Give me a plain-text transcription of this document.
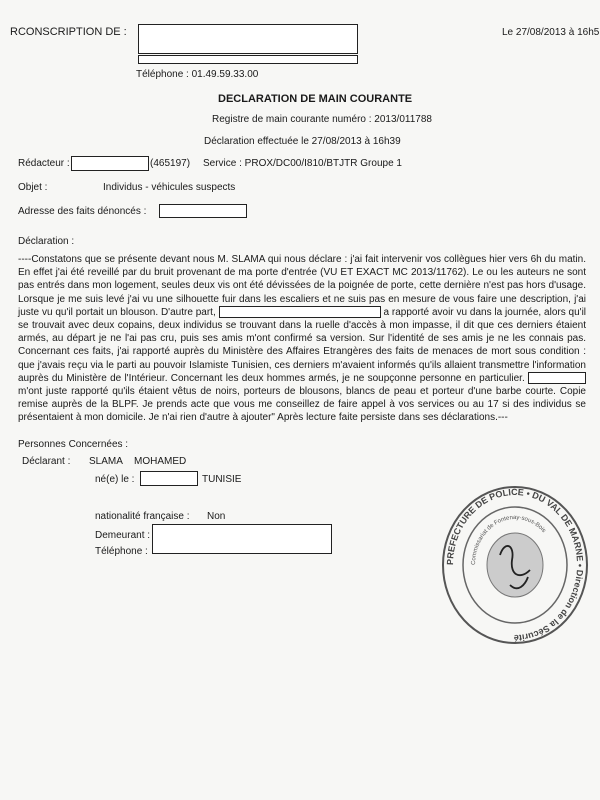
RCONSCRIPTION DE :	Le 27/08/2013 à 16h5
Téléphone : 01.49.59.33.00
DECLARATION DE MAIN COURANTE
Registre de main courante numéro : 2013/011788
Déclaration effectuée le 27/08/2013 à 16h39
Rédacteur :	(465197) Service : PROX/DC00/I810/BTJTR Groupe 1
Objet :	Individus - véhicules suspects
Adresse des faits dénoncés :
Déclaration :

----Constatons que se présente devant nous M. SLAMA qui nous déclare : j'ai fait intervenir vos collègues hier vers 6h du matin. En effet j'ai été reveillé par du bruit provenant de ma porte d'entrée (VU ET EXACT MC 2013/11762). Le ou les auteurs ne sont pas entrés dans mon logement, seules deux vis ont été dévissées de la poignée de porte, cette dernière n'est pas hors d'usage. Lorsque je me suis levé j'ai vu une silhouette fuir dans les escaliers et ne suis pas en mesure de vous faire une description, j'ai juste vu qu'il portait un blouson. D'autre part,	a rapporté avoir vu dans la journée, alors qu'il se trouvait avec deux copains, deux individus se trouvant dans la ruelle d'accès à mon impasse, il dit que ces derniers étaient armés, au départ je ne l'ai pas cru, puis ses amis m'ont confirmé sa version. Sur l'identité de ses amis je ne les connais pas. Concernant ces faits, j'ai rapporté auprès du Ministère des Affaires Etrangères des faits de menaces de mort sous condition : que j'avais reçu via le parti au pouvoir Islamiste Tunisien, ces derniers m'avaient informés qu'ils allaient transmettre l'information auprès du Ministère de l'Intérieur. Concernant les deux hommes armés, je ne soupçonne personne en particulier.  m'ont juste rapporté qu'ils étaient vêtus de noirs, porteurs de blousons, blancs de peau et porteur d'une barbe courte. Copie remise auprès de la BLPF. Je prends acte que vous me conseillez de faire appel à vos services ou au 17 si des individus se présentaient à mon domicile. Je n'ai rien d'autre à ajouter" Après lecture faite persiste dans ses déclarations.---

Personnes Concernées :
Déclarant : SLAMA MOHAMED
né(e) le :	TUNISIE
nationalité française : Non
Demeurant :
Téléphone :
PREFECTURE DE POLICE • DU VAL DE MARNE • Direction de la Sécurité
Commissariat de Fontenay-sous-Bois
